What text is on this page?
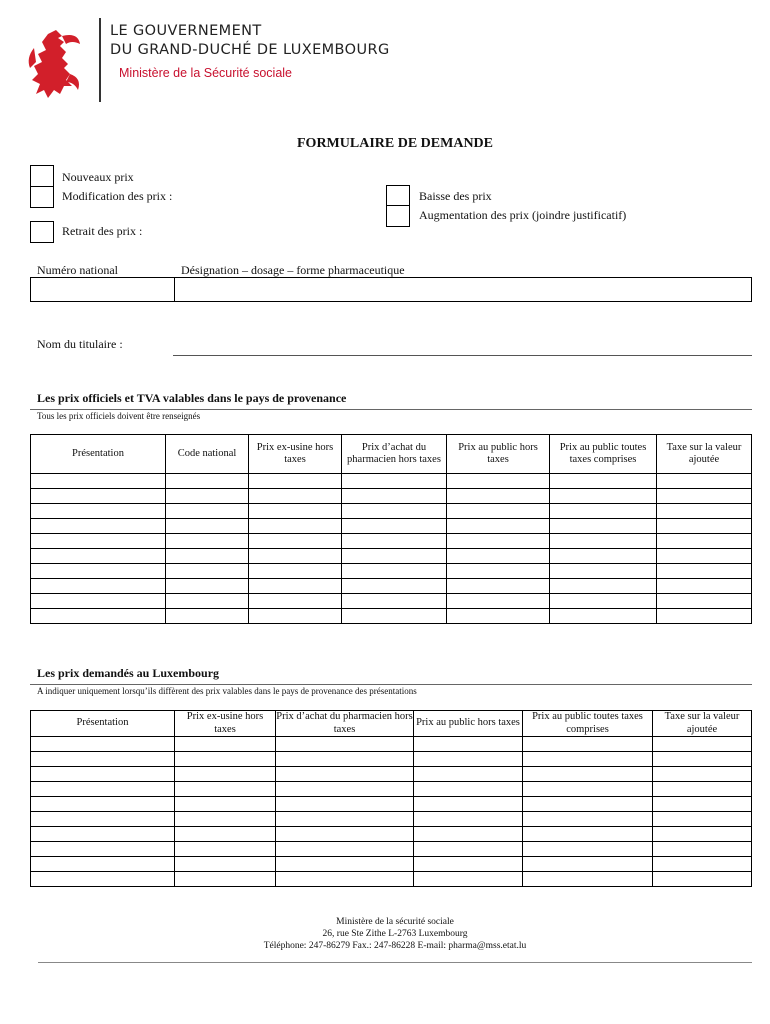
LE GOUVERNEMENT
DU GRAND-DUCHÉ DE LUXEMBOURG
Ministère de la Sécurité sociale
FORMULAIRE DE DEMANDE
Nouveaux prix
Modification des prix :	Baisse des prix
Augmentation des prix (joindre justificatif)
Retrait des prix :
Numéro national	Désignation – dosage – forme pharmaceutique

Nom du titulaire :
Les prix officiels et TVA valables dans le pays de provenance
Tous les prix officiels doivent être renseignés
Présentation	Code national	Prix ex-usine hors taxes	Prix d’achat du pharmacien hors taxes	Prix au public hors taxes	Prix au public toutes taxes comprises	Taxe sur la valeur ajoutée

Les prix demandés au Luxembourg
A indiquer uniquement lorsqu’ils diffèrent des prix valables dans le pays de provenance des présentations
Présentation	Prix ex-usine hors taxes	Prix d’achat du pharmacien hors taxes	Prix au public hors taxes	Prix au public toutes taxes comprises	Taxe sur la valeur ajoutée

Ministère de la sécurité sociale
26, rue Ste Zithe L-2763 Luxembourg
Téléphone: 247-86279 Fax.: 247-86228 E-mail: pharma@mss.etat.lu
